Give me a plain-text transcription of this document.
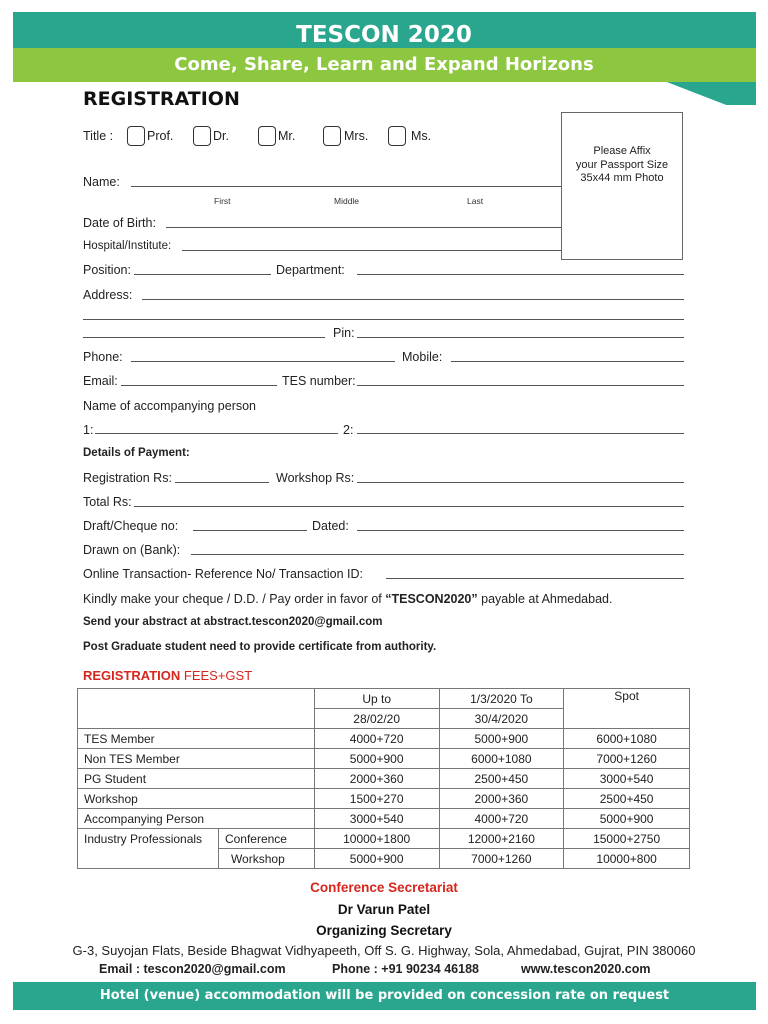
TESCON 2020
Come, Share, Learn and Expand Horizons
REGISTRATION
Title :	Prof.	Dr.	Mr.	Mrs.	Ms.
Please Affix
your Passport Size
35x44 mm Photo
Name:
First	Middle	Last
Date of Birth:
Hospital/Institute:
Position:	Department:
Address:
Pin:
Phone:	Mobile:
Email:	TES number:
Name of accompanying person
1:	2:
Details of Payment:
Registration Rs:	Workshop Rs:
Total Rs:
Draft/Cheque no:	Dated:
Drawn on (Bank):
Online Transaction- Reference No/ Transaction ID:
Kindly make your cheque / D.D. / Pay order in favor of “TESCON2020” payable at Ahmedabad.
Send your abstract at abstract.tescon2020@gmail.com
Post Graduate student need to provide certificate from authority.
REGISTRATION FEES+GST
		Up to	1/3/2020 To	Spot
		28/02/20	30/4/2020	
TES Member		4000+720	5000+900	6000+1080
Non TES Member		5000+900	6000+1080	7000+1260
PG Student		2000+360	2500+450	3000+540
Workshop		1500+270	2000+360	2500+450
Accompanying Person		3000+540	4000+720	5000+900
Industry Professionals	Conference	10000+1800	12000+2160	15000+2750
	Workshop	5000+900	7000+1260	10000+800
Conference Secretariat
Dr Varun Patel
Organizing Secretary
G-3, Suyojan Flats, Beside Bhagwat Vidhyapeeth, Off S. G. Highway, Sola, Ahmedabad, Gujrat, PIN 380060
Email : tescon2020@gmail.com	Phone : +91 90234 46188	www.tescon2020.com
Hotel (venue) accommodation will be provided on concession rate on request
